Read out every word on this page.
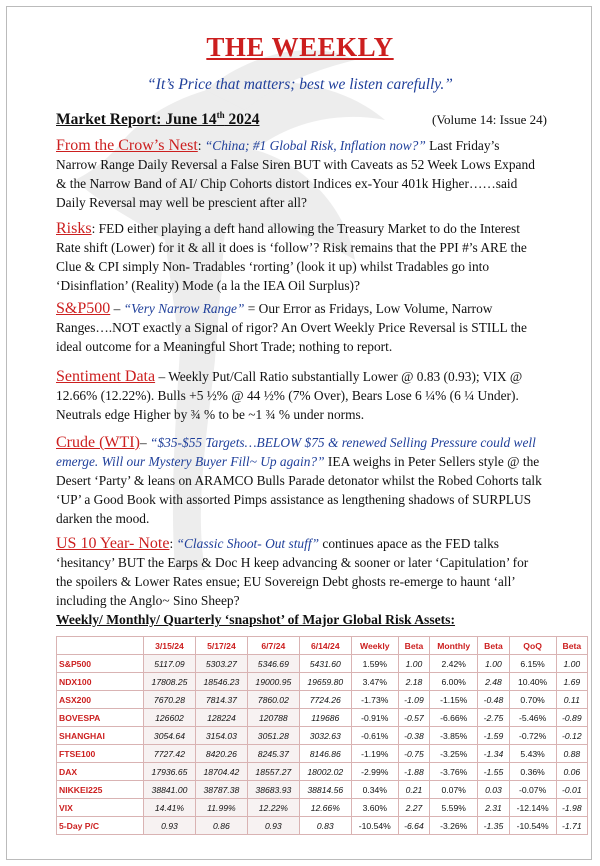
THE WEEKLY
“It’s Price that matters; best we listen carefully.”
Market Report: June 14th 2024	(Volume 14: Issue 24)
From the Crow’s Nest: “China; #1 Global Risk, Inflation now?” Last Friday’s Narrow Range Daily Reversal a False Siren BUT with Caveats as 52 Week Lows Expand & the Narrow Band of AI/ Chip Cohorts distort Indices ex-Your 401k Higher……said Daily Reversal may well be prescient after all?
Risks: FED either playing a deft hand allowing the Treasury Market to do the Interest Rate shift (Lower) for it & all it does is ‘follow’? Risk remains that the PPI #’s ARE the Clue & CPI simply Non- Tradables ‘rorting’ (look it up) whilst Tradables go into ‘Disinflation’ (Reality) Mode (a la the IEA Oil Surplus)?
S&P500 – “Very Narrow Range” = Our Error as Fridays, Low Volume, Narrow Ranges….NOT exactly a Signal of rigor? An Overt Weekly Price Reversal is STILL the ideal outcome for a Meaningful Short Trade; nothing to report.
Sentiment Data – Weekly Put/Call Ratio substantially Lower @ 0.83 (0.93); VIX @ 12.66% (12.22%). Bulls +5 ½% @ 44 ½% (7% Over), Bears Lose 6 ¼% (6 ¼ Under). Neutrals edge Higher by ¾ % to be ~1 ¾ % under norms.
Crude (WTI)– “$35-$55 Targets…BELOW $75 & renewed Selling Pressure could well emerge. Will our Mystery Buyer Fill~ Up again?” IEA weighs in Peter Sellers style @ the Desert ‘Party’ & leans on ARAMCO Bulls Parade detonator whilst the Robed Cohorts talk ‘UP’ a Good Book with assorted Pimps assistance as lengthening shadows of SURPLUS darken the mood.
US 10 Year- Note: “Classic Shoot- Out stuff” continues apace as the FED talks ‘hesitancy’ BUT the Earps & Doc H keep advancing & sooner or later ‘Capitulation’ for the spoilers & Lower Rates ensue; EU Sovereign Debt ghosts re-emerge to haunt ‘all’ including the Anglo~ Sino Sheep?
Weekly/ Monthly/ Quarterly ‘snapshot’ of Major Global Risk Assets:
	3/15/24	5/17/24	6/7/24	6/14/24	Weekly	Beta	Monthly	Beta	QoQ	Beta
S&P500	5117.09	5303.27	5346.69	5431.60	1.59%	1.00	2.42%	1.00	6.15%	1.00
NDX100	17808.25	18546.23	19000.95	19659.80	3.47%	2.18	6.00%	2.48	10.40%	1.69
ASX200	7670.28	7814.37	7860.02	7724.26	-1.73%	-1.09	-1.15%	-0.48	0.70%	0.11
BOVESPA	126602	128224	120788	119686	-0.91%	-0.57	-6.66%	-2.75	-5.46%	-0.89
SHANGHAI	3054.64	3154.03	3051.28	3032.63	-0.61%	-0.38	-3.85%	-1.59	-0.72%	-0.12
FTSE100	7727.42	8420.26	8245.37	8146.86	-1.19%	-0.75	-3.25%	-1.34	5.43%	0.88
DAX	17936.65	18704.42	18557.27	18002.02	-2.99%	-1.88	-3.76%	-1.55	0.36%	0.06
NIKKEI225	38841.00	38787.38	38683.93	38814.56	0.34%	0.21	0.07%	0.03	-0.07%	-0.01
VIX	14.41%	11.99%	12.22%	12.66%	3.60%	2.27	5.59%	2.31	-12.14%	-1.98
5-Day P/C	0.93	0.86	0.93	0.83	-10.54%	-6.64	-3.26%	-1.35	-10.54%	-1.71
